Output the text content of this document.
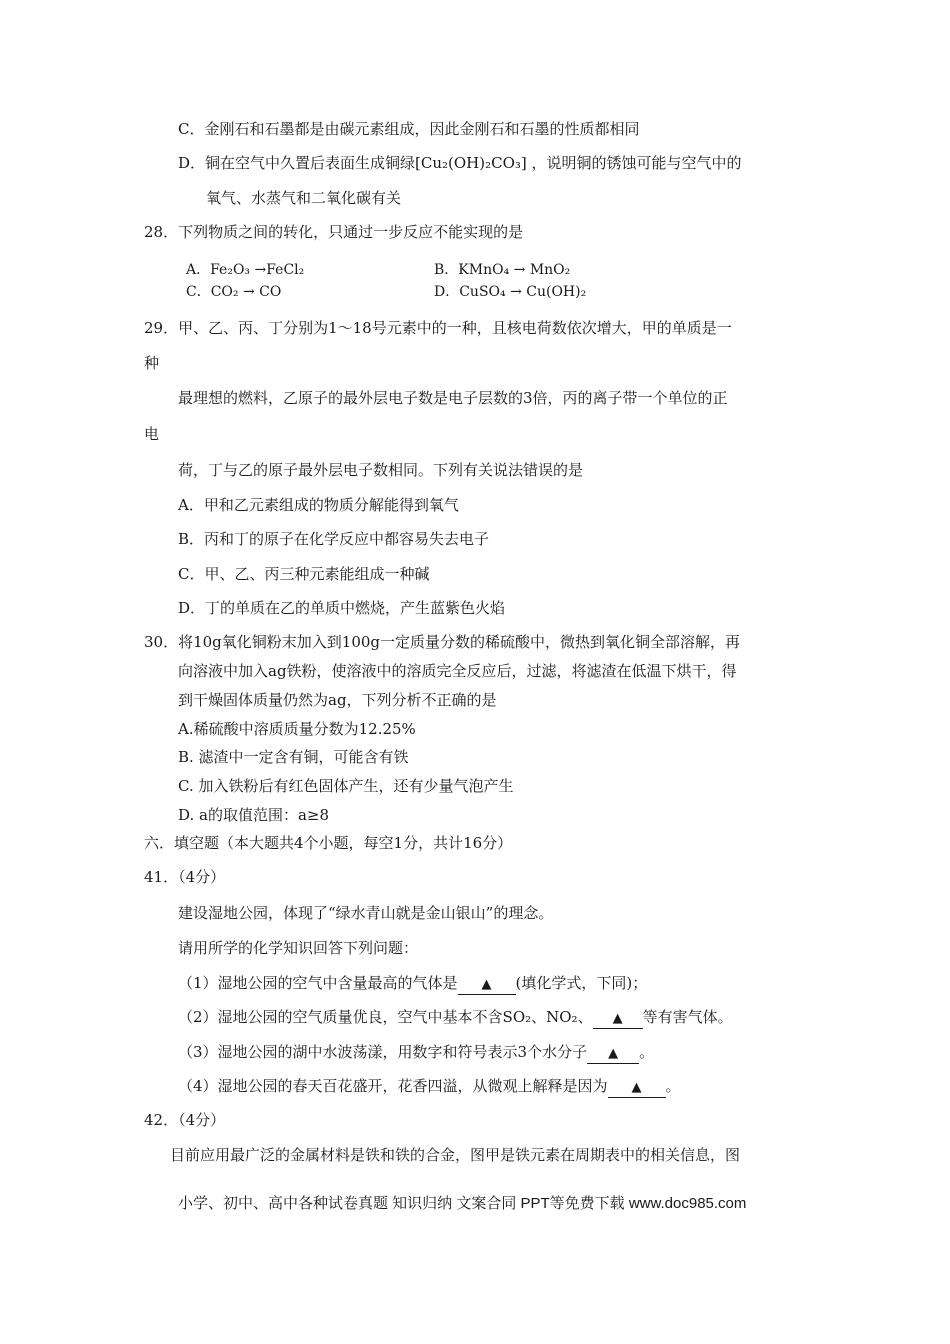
C．金刚石和石墨都是由碳元素组成，因此金刚石和石墨的性质都相同
D．铜在空气中久置后表面生成铜绿[Cu₂(OH)₂CO₃] ，说明铜的锈蚀可能与空气中的
氧气、水蒸气和二氧化碳有关
28．下列物质之间的转化，只通过一步反应不能实现的是
A．Fe₂O₃ →FeCl₂	B．KMnO₄ → MnO₂
C．CO₂ → CO	D．CuSO₄ → Cu(OH)₂
29．甲、乙、丙、丁分别为1～18号元素中的一种，且核电荷数依次增大，甲的单质是一
种
最理想的燃料，乙原子的最外层电子数是电子层数的3倍，丙的离子带一个单位的正
电
荷，丁与乙的原子最外层电子数相同。下列有关说法错误的是
A．甲和乙元素组成的物质分解能得到氧气
B．丙和丁的原子在化学反应中都容易失去电子
C．甲、乙、丙三种元素能组成一种碱
D．丁的单质在乙的单质中燃烧，产生蓝紫色火焰
30．将10g氧化铜粉末加入到100g一定质量分数的稀硫酸中，微热到氧化铜全部溶解，再
向溶液中加入ag铁粉，使溶液中的溶质完全反应后，过滤，将滤渣在低温下烘干，得
到干燥固体质量仍然为ag，下列分析不正确的是
A.稀硫酸中溶质质量分数为12.25%
B. 滤渣中一定含有铜，可能含有铁
C. 加入铁粉后有红色固体产生，还有少量气泡产生
D. a的取值范围：a≥8
六．填空题（本大题共4个小题，每空1分，共计16分）
41．（4分）
建设湿地公园，体现了“绿水青山就是金山银山”的理念。
请用所学的化学知识回答下列问题：
（1）湿地公园的空气中含量最高的气体是 ▲ (填化学式，下同)；
（2）湿地公园的空气质量优良，空气中基本不含SO₂、NO₂、 ▲ 等有害气体。
（3）湿地公园的湖中水波荡漾，用数字和符号表示3个水分子 ▲ 。
（4）湿地公园的春天百花盛开，花香四溢，从微观上解释是因为 ▲ 。
42．（4分）
目前应用最广泛的金属材料是铁和铁的合金，图甲是铁元素在周期表中的相关信息，图
小学、初中、高中各种试卷真题 知识归纳 文案合同 PPT等免费下载 www.doc985.com
